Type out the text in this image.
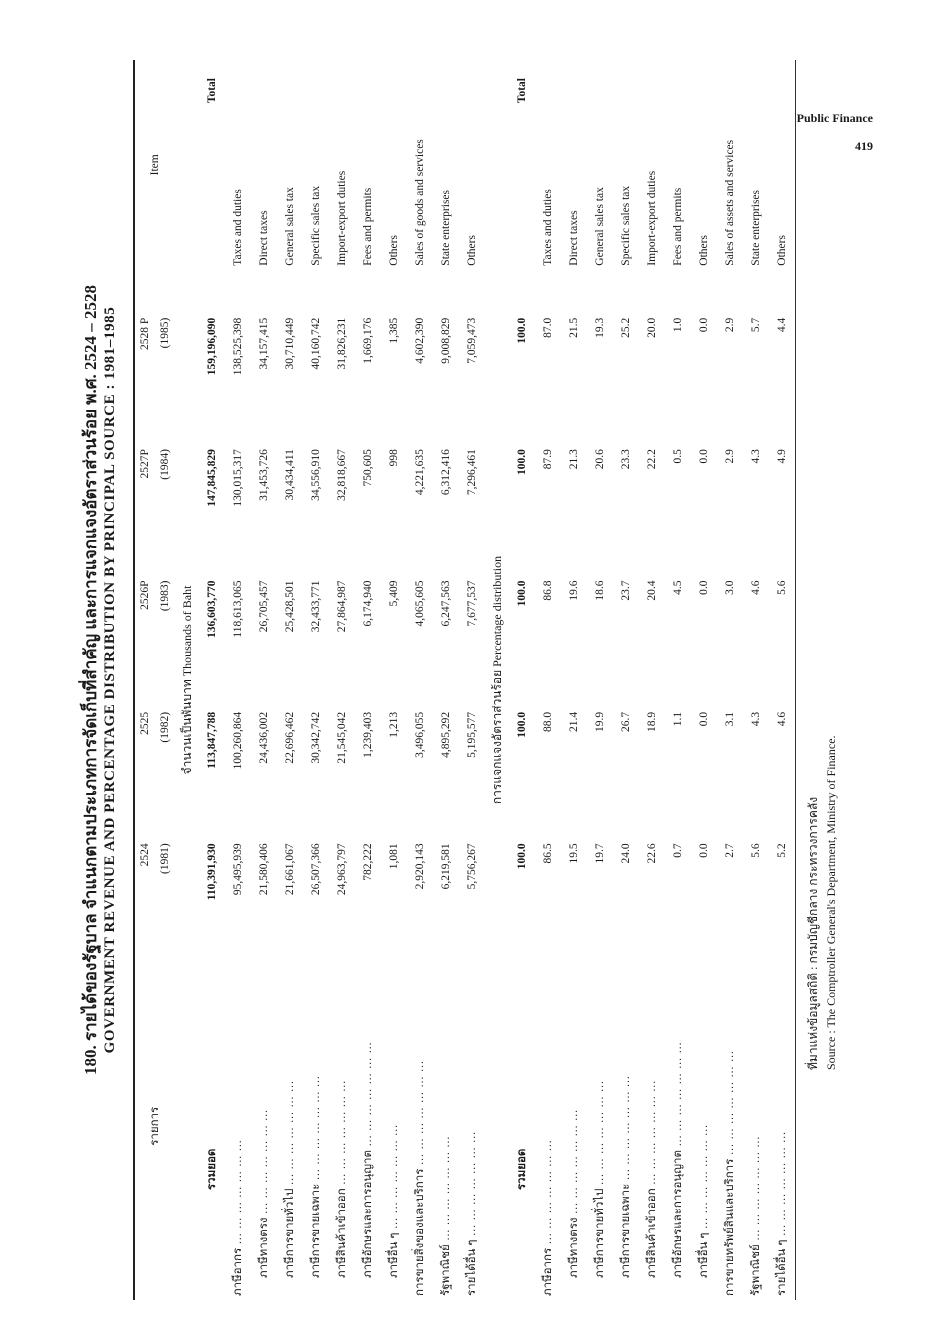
Public Finance
419
180. รายได้ของรัฐบาล จำแนกตามประเภทการจัดเก็บที่สำคัญ และการแจกแจงอัตราส่วนร้อย พ.ศ. 2524 – 2528 GOVERNMENT REVENUE AND PERCENTAGE DISTRIBUTION BY PRINCIPAL SOURCE : 1981–1985
รายการ	2524	2525	2526P	2527P	2528 P	Item
	(1981)	(1982)	(1983)	(1984)	(1985)	
จำนวนเป็นพันบาท Thousands of Baht						
รวมยอด	110,391,930	113,847,788	136,603,770	147,845,829	159,196,090	Total
ภาษีอากร ... .	95,495,939	100,260,864	118,613,065	130,015,317	138,525,398	Taxes and duties
ภาษีทางตรง ... .	21,580,406	24,436,002	26,705,457	31,453,726	34,157,415	Direct taxes
ภาษีการขายทั่วไป ... .	21,661,067	22,696,462	25,428,501	30,434,411	30,710,449	General sales tax
ภาษีการขายเฉพาะ ... .	26,507,366	30,342,742	32,433,771	34,556,910	40,160,742	Specific sales tax
ภาษีสินค้าเข้าออก ... .	24,963,797	21,545,042	27,864,987	32,818,667	31,826,231	Import-export duties
ภาษีอักษรและการอนุญาต ... .	782,222	1,239,403	6,174,940	750,605	1,669,176	Fees and permits
ภาษีอื่น ๆ ... .	1,081	1,213	5,409	998	1,385	Others
การขายสิ่งของและบริการ ... .	2,920,143	3,496,055	4,065,605	4,221,635	4,602,390	Sales of goods and services
รัฐพาณิชย์ ... .	6,219,581	4,895,292	6,247,563	6,312,416	9,008,829	State enterprises
รายได้อื่น ๆ ... .	5,756,267	5,195,577	7,677,537	7,296,461	7,059,473	Others
การแจกแจงอัตราส่วนร้อย Percentage distribution						
รวมยอด	100.0	100.0	100.0	100.0	100.0	Total
ภาษีอากร ... .	86.5	88.0	86.8	87.9	87.0	Taxes and duties
ภาษีทางตรง ... .	19.5	21.4	19.6	21.3	21.5	Direct taxes
ภาษีการขายทั่วไป ... .	19.7	19.9	18.6	20.6	19.3	General sales tax
ภาษีการขายเฉพาะ ... .	24.0	26.7	23.7	23.3	25.2	Specific sales tax
ภาษีสินค้าเข้าออก ... .	22.6	18.9	20.4	22.2	20.0	Import-export duties
ภาษีอักษรและการอนุญาต ... .	0.7	1.1	4.5	0.5	1.0	Fees and permits
ภาษีอื่น ๆ ... .	0.0	0.0	0.0	0.0	0.0	Others
การขายทรัพย์สินและบริการ ... .	2.7	3.1	3.0	2.9	2.9	Sales of assets and services
รัฐพาณิชย์ ... .	5.6	4.3	4.6	4.3	5.7	State enterprises
รายได้อื่น ๆ ... .	5.2	4.6	5.6	4.9	4.4	Others
ที่มาแห่งข้อมูลสถิติ : กรมบัญชีกลาง กระทรวงการคลัง Source : The Comptroller General's Department, Ministry of Finance.
